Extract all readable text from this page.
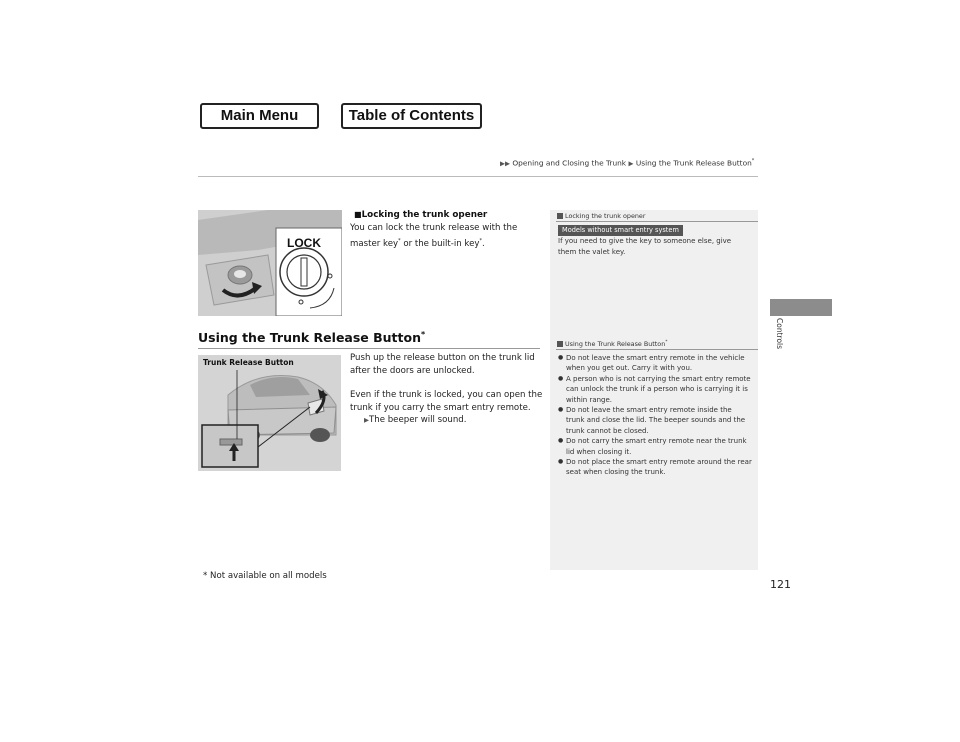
Main Menu	Table of Contents
▶▶ Opening and Closing the Trunk ▶ Using the Trunk Release Button*
Controls
LOCK
■Locking the trunk opener
You can lock the trunk release with the master key* or the built-in key*.
Using the Trunk Release Button*
Trunk Release Button	Push up the release button on the trunk lid after the doors are unlocked.
Even if the trunk is locked, you can open the trunk if you carry the smart entry remote.
▶The beeper will sound.
Locking the trunk opener
Models without smart entry system
If you need to give the key to someone else, give them the valet key.
Using the Trunk Release Button*
● Do not leave the smart entry remote in the vehicle when you get out. Carry it with you.
● A person who is not carrying the smart entry remote can unlock the trunk if a person who is carrying it is within range.
● Do not leave the smart entry remote inside the trunk and close the lid. The beeper sounds and the trunk cannot be closed.
● Do not carry the smart entry remote near the trunk lid when closing it.
● Do not place the smart entry remote around the rear seat when closing the trunk.
* Not available on all models
121
